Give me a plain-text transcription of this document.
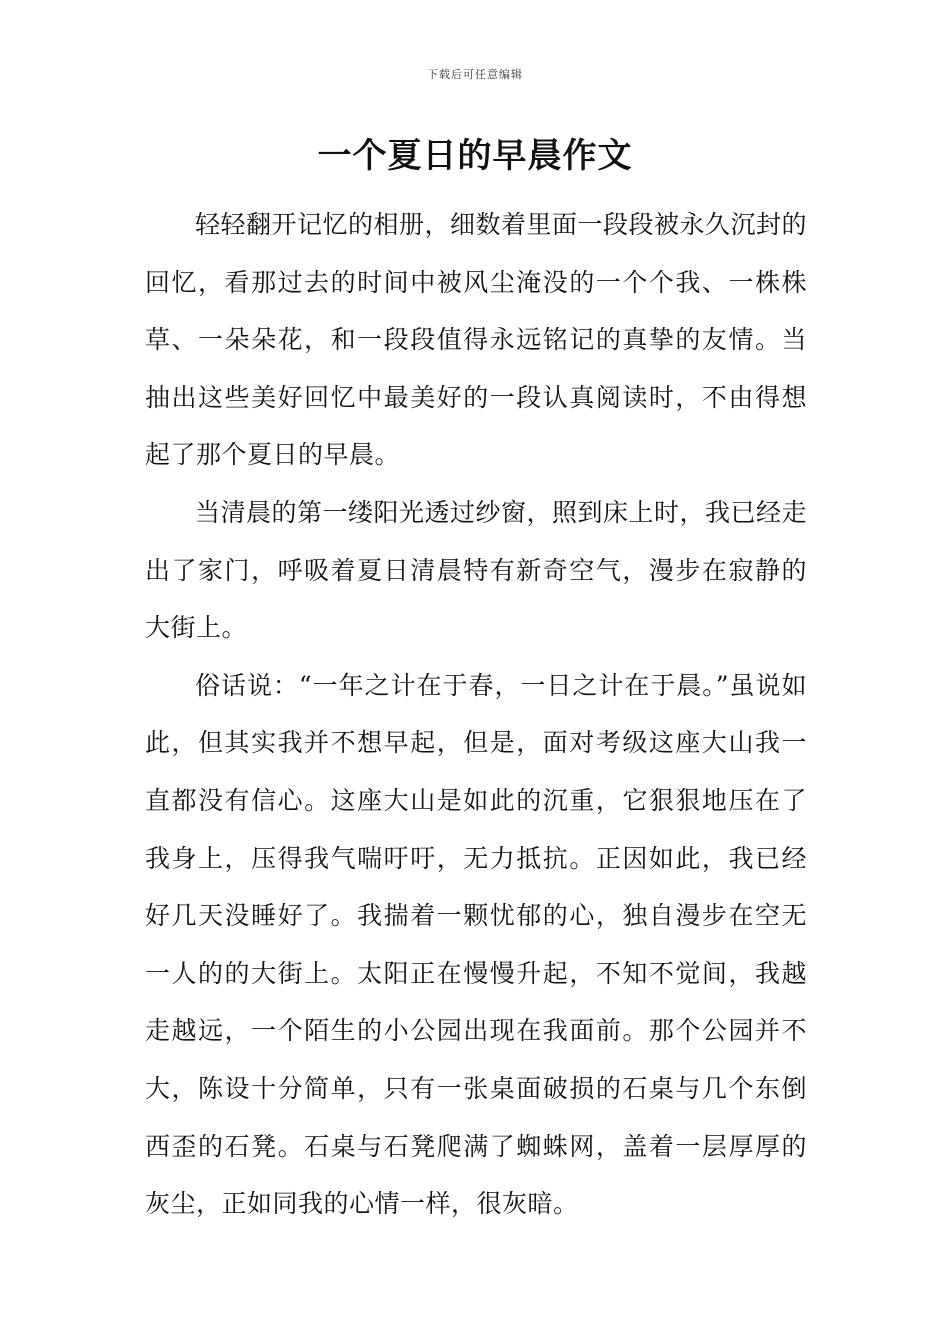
下载后可任意编辑
一个夏日的早晨作文

轻轻翻开记忆的相册，细数着里面一段段被永久沉封的回忆，看那过去的时间中被风尘淹没的一个个我、一株株草、一朵朵花，和一段段值得永远铭记的真挚的友情。当抽出这些美好回忆中最美好的一段认真阅读时，不由得想起了那个夏日的早晨。

当清晨的第一缕阳光透过纱窗，照到床上时，我已经走出了家门，呼吸着夏日清晨特有新奇空气，漫步在寂静的大街上。

俗话说：“一年之计在于春，一日之计在于晨。”虽说如此，但其实我并不想早起，但是，面对考级这座大山我一直都没有信心。这座大山是如此的沉重，它狠狠地压在了我身上，压得我气喘吁吁，无力抵抗。正因如此，我已经好几天没睡好了。我揣着一颗忧郁的心，独自漫步在空无一人的的大街上。太阳正在慢慢升起，不知不觉间，我越走越远，一个陌生的小公园出现在我面前。那个公园并不大，陈设十分简单，只有一张桌面破损的石桌与几个东倒西歪的石凳。石桌与石凳爬满了蜘蛛网，盖着一层厚厚的灰尘，正如同我的心情一样，很灰暗。
